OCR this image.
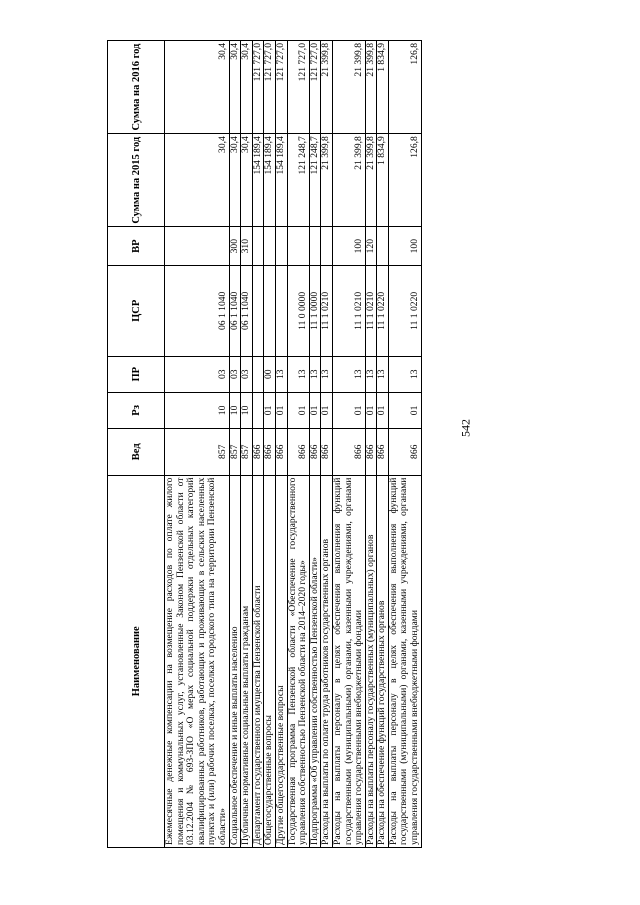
542
Наименование	Вед	Рз	ПР	ЦСР	ВР	Сумма на 2015 год	Сумма на 2016 год
Ежемесячные денежные компенсации на возмещение расходов по оплате жилого помещения и коммунальных услуг, установленные Законом Пензенской области от 03.12.2004 № 693-ЗПО «О мерах социальной поддержки отдельных категорий квалифицированных работников, работающих и проживающих в сельских населенных пунктах и (или) рабочих поселках, поселках городского типа на территории Пензенской области»	857	10	03	06 1 1040		30,4	30,4
Социальное обеспечение и иные выплаты населению	857	10	03	06 1 1040	300	30,4	30,4
Публичные нормативные социальные выплаты гражданам	857	10	03	06 1 1040	310	30,4	30,4
Департамент государственного имущества Пензенской области	866					154 189,4	121 727,0
Общегосударственные вопросы	866	01	00			154 189,4	121 727,0
Другие общегосударственные вопросы	866	01	13			154 189,4	121 727,0
Государственная программа Пензенской области «Обеспечение государственного управления собственностью Пензенской области на 2014–2020 годы»	866	01	13	11 0 0000		121 248,7	121 727,0
Подпрограмма «Об управлении собственностью Пензенской области»	866	01	13	11 1 0000		121 248,7	121 727,0
Расходы на выплаты по оплате труда работников государственных органов	866	01	13	11 1 0210		21 399,8	21 399,8
Расходы на выплаты персоналу в целях обеспечения выполнения функций государственными (муниципальными) органами, казенными учреждениями, органами управления государственными внебюджетными фондами	866	01	13	11 1 0210	100	21 399,8	21 399,8
Расходы на выплаты персоналу государственных (муниципальных) органов	866	01	13	11 1 0210	120	21 399,8	21 399,8
Расходы на обеспечение функций государственных органов	866	01	13	11 1 0220		1 834,9	1 834,9
Расходы на выплаты персоналу в целях обеспечения выполнения функций государственными (муниципальными) органами, казенными учреждениями, органами управления государственными внебюджетными фондами	866	01	13	11 1 0220	100	126,8	126,8
